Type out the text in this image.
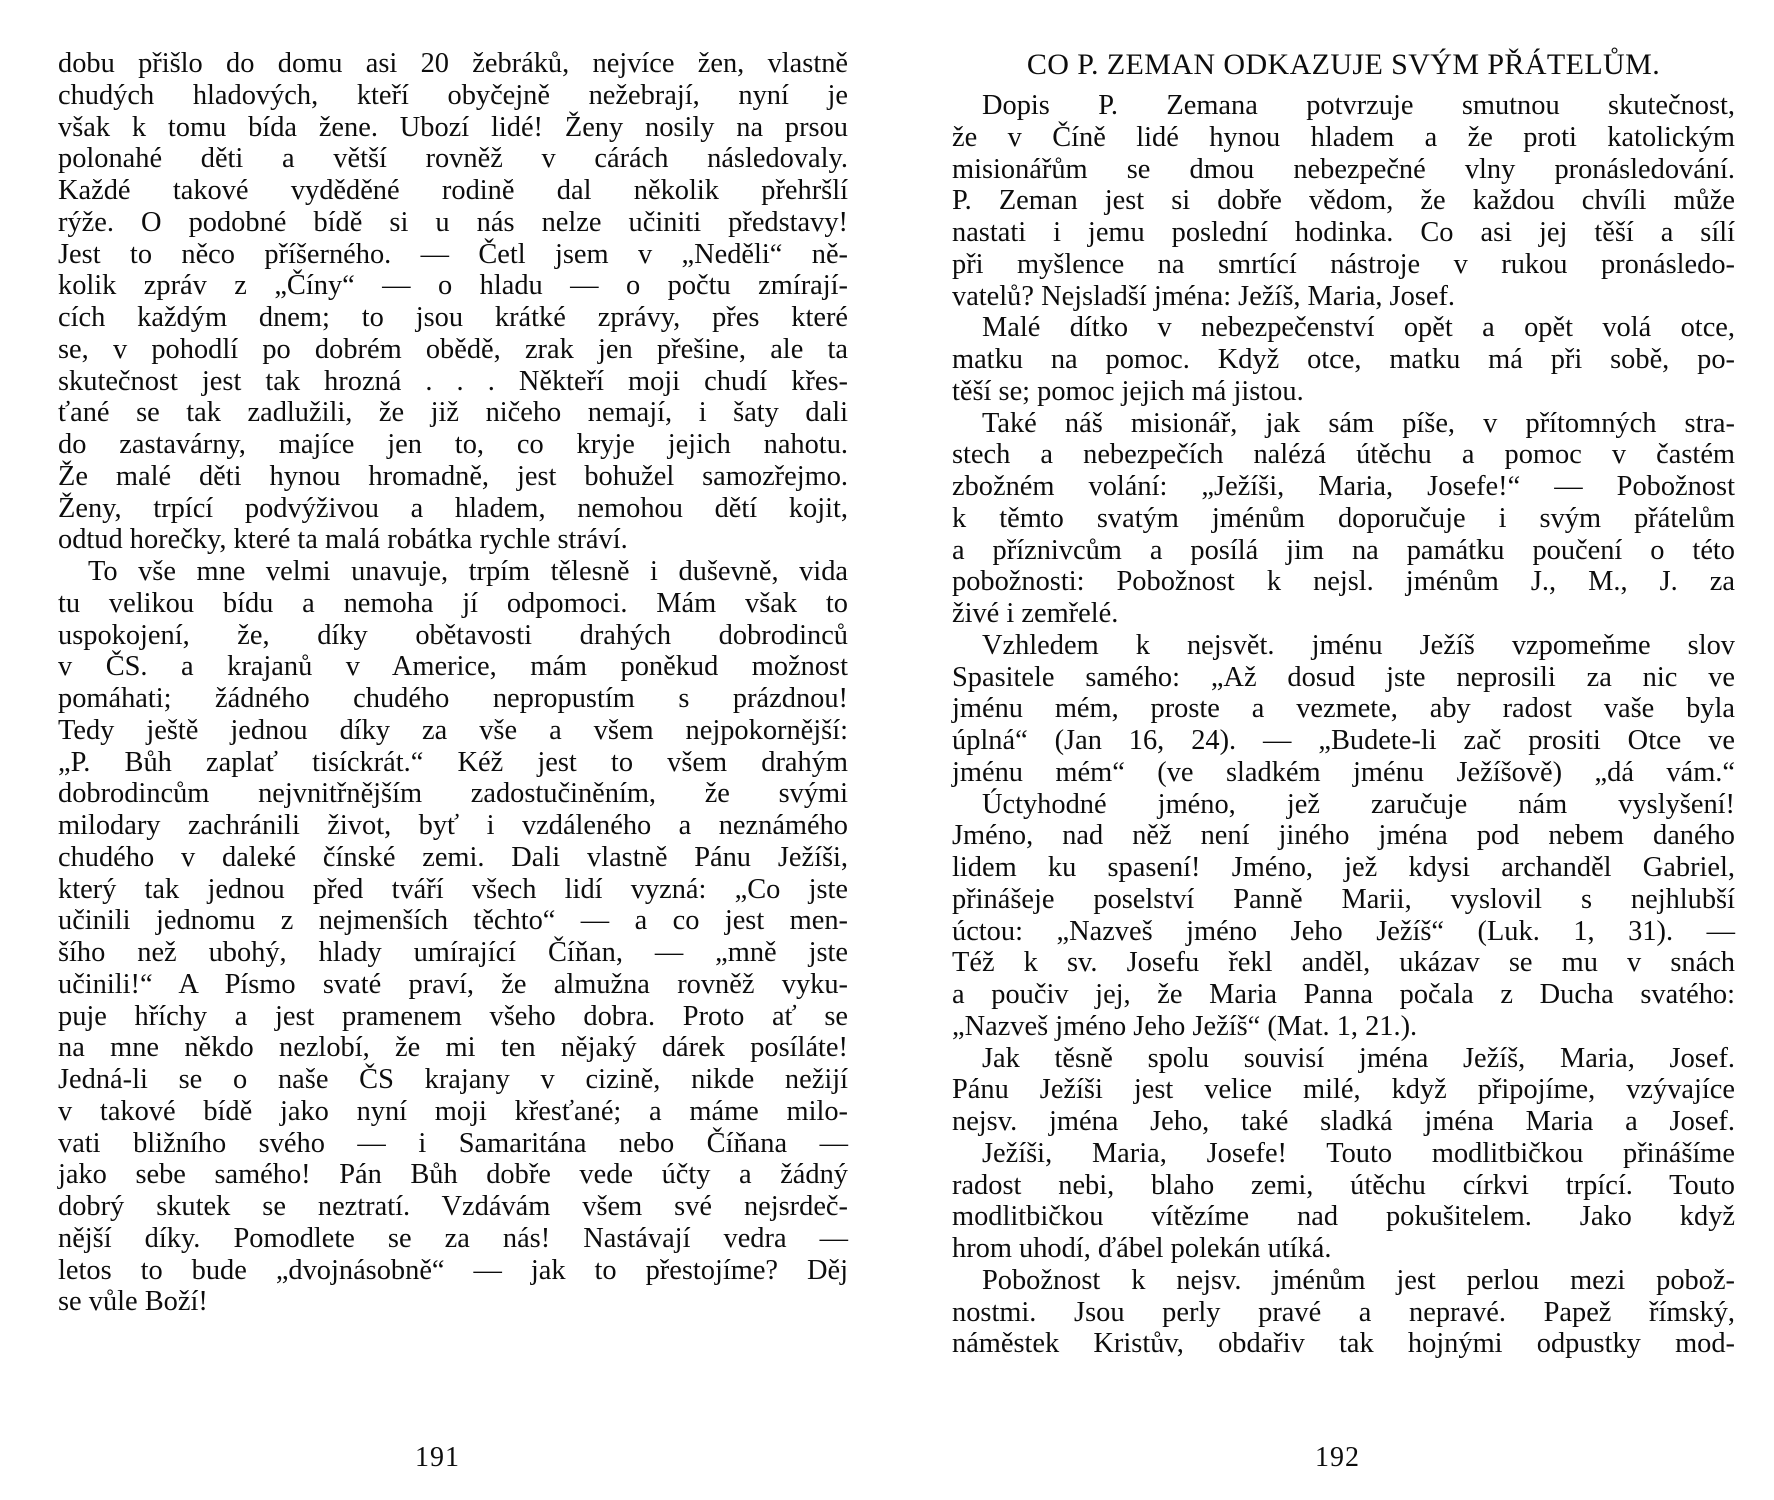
dobu přišlo do domu asi 20 žebráků, nejvíce žen, vlastně
chudých hladových, kteří obyčejně nežebrají, nyní je
však k tomu bída žene. Ubozí lidé! Ženy nosily na prsou
polonahé děti a větší rovněž v cárách následovaly.
Každé takové vyděděné rodině dal několik přehršlí
rýže. O podobné bídě si u nás nelze učiniti představy!
Jest to něco příšerného. — Četl jsem v „Neděli“ ně-
kolik zpráv z „Číny“ — o hladu — o počtu zmírají-
cích každým dnem; to jsou krátké zprávy, přes které
se, v pohodlí po dobrém obědě, zrak jen přešine, ale ta
skutečnost jest tak hrozná . . . Někteří moji chudí křes-
ťané se tak zadlužili, že již ničeho nemají, i šaty dali
do zastavárny, majíce jen to, co kryje jejich nahotu.
Že malé děti hynou hromadně, jest bohužel samozřejmo.
Ženy, trpící podvýživou a hladem, nemohou dětí kojit,
odtud horečky, které ta malá robátka rychle stráví.
To vše mne velmi unavuje, trpím tělesně i duševně, vida
tu velikou bídu a nemoha jí odpomoci. Mám však to
uspokojení, že, díky obětavosti drahých dobrodinců
v ČS. a krajanů v Americe, mám poněkud možnost
pomáhati; žádného chudého nepropustím s prázdnou!
Tedy ještě jednou díky za vše a všem nejpokornější:
„P. Bůh zaplať tisíckrát.“ Kéž jest to všem drahým
dobrodincům nejvnitřnějším zadostučiněním, že svými
milodary zachránili život, byť i vzdáleného a neznámého
chudého v daleké čínské zemi. Dali vlastně Pánu Ježíši,
který tak jednou před tváří všech lidí vyzná: „Co jste
učinili jednomu z nejmenších těchto“ — a co jest men-
šího než ubohý, hlady umírající Číňan, — „mně jste
učinili!“ A Písmo svaté praví, že almužna rovněž vyku-
puje hříchy a jest pramenem všeho dobra. Proto ať se
na mne někdo nezlobí, že mi ten nějaký dárek posíláte!
Jedná-li se o naše ČS krajany v cizině, nikde nežijí
v takové bídě jako nyní moji křesťané; a máme milo-
vati bližního svého — i Samaritána nebo Číňana —
jako sebe samého! Pán Bůh dobře vede účty a žádný
dobrý skutek se neztratí. Vzdávám všem své nejsrdeč-
nější díky. Pomodlete se za nás! Nastávají vedra —
letos to bude „dvojnásobně“ — jak to přestojíme? Děj
se vůle Boží!
191
CO P. ZEMAN ODKAZUJE SVÝM PŘÁTELŮM.
Dopis P. Zemana potvrzuje smutnou skutečnost,
že v Číně lidé hynou hladem a že proti katolickým
misionářům se dmou nebezpečné vlny pronásledování.
P. Zeman jest si dobře vědom, že každou chvíli může
nastati i jemu poslední hodinka. Co asi jej těší a sílí
při myšlence na smrtící nástroje v rukou pronásledo-
vatelů? Nejsladší jména: Ježíš, Maria, Josef.
Malé dítko v nebezpečenství opět a opět volá otce,
matku na pomoc. Když otce, matku má při sobě, po-
těší se; pomoc jejich má jistou.
Také náš misionář, jak sám píše, v přítomných stra-
stech a nebezpečích nalézá útěchu a pomoc v častém
zbožném volání: „Ježíši, Maria, Josefe!“ — Pobožnost
k těmto svatým jménům doporučuje i svým přátelům
a příznivcům a posílá jim na památku poučení o této
pobožnosti: Pobožnost k nejsl. jménům J., M., J. za
živé i zemřelé.
Vzhledem k nejsvět. jménu Ježíš vzpomeňme slov
Spasitele samého: „Až dosud jste neprosili za nic ve
jménu mém, proste a vezmete, aby radost vaše byla
úplná“ (Jan 16, 24). — „Budete-li zač prositi Otce ve
jménu mém“ (ve sladkém jménu Ježíšově) „dá vám.“
Úctyhodné jméno, jež zaručuje nám vyslyšení!
Jméno, nad něž není jiného jména pod nebem daného
lidem ku spasení! Jméno, jež kdysi archanděl Gabriel,
přinášeje poselství Panně Marii, vyslovil s nejhlubší
úctou: „Nazveš jméno Jeho Ježíš“ (Luk. 1, 31). —
Též k sv. Josefu řekl anděl, ukázav se mu v snách
a poučiv jej, že Maria Panna počala z Ducha svatého:
„Nazveš jméno Jeho Ježíš“ (Mat. 1, 21.).
Jak těsně spolu souvisí jména Ježíš, Maria, Josef.
Pánu Ježíši jest velice milé, když připojíme, vzývajíce
nejsv. jména Jeho, také sladká jména Maria a Josef.
Ježíši, Maria, Josefe! Touto modlitbičkou přinášíme
radost nebi, blaho zemi, útěchu církvi trpící. Touto
modlitbičkou vítězíme nad pokušitelem. Jako když
hrom uhodí, ďábel polekán utíká.
Pobožnost k nejsv. jménům jest perlou mezi pobož-
nostmi. Jsou perly pravé a nepravé. Papež římský,
náměstek Kristův, obdařiv tak hojnými odpustky mod-
192
